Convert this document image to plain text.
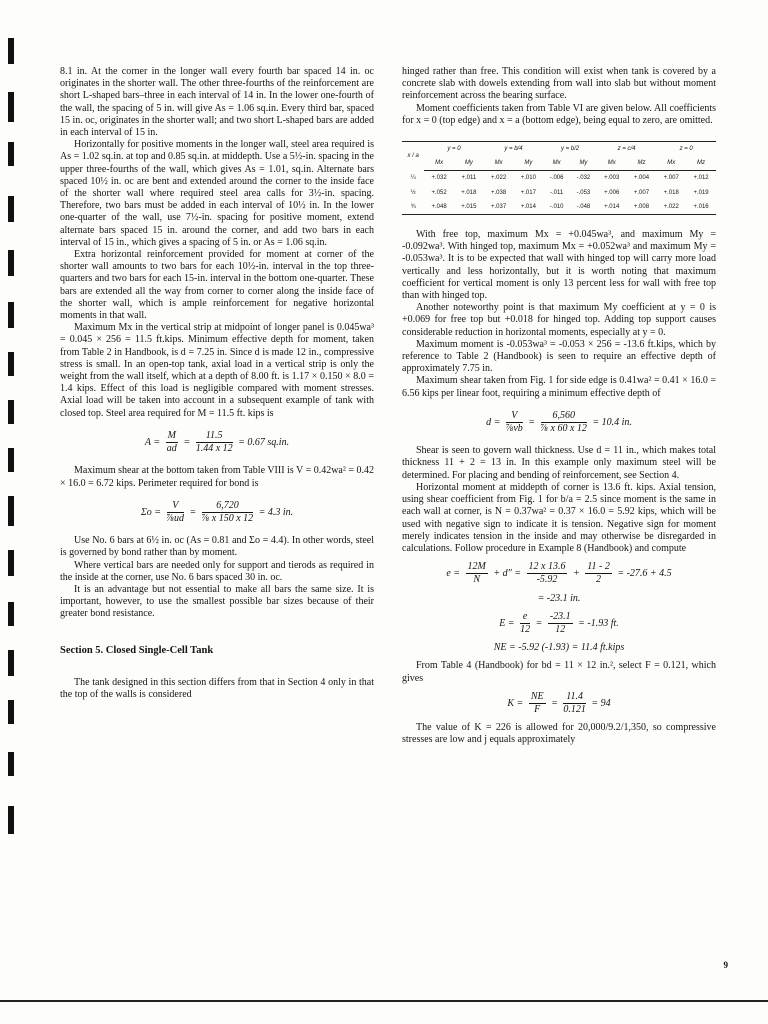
8.1 in. At the corner in the longer wall every fourth bar spaced 14 in. oc originates in the shorter wall. The other three-fourths of the reinforcement are short L-shaped bars–three in each interval of 14 in. In the lower one-fourth of the wall, the spacing of 5 in. will give As = 1.06 sq.in. Every third bar, spaced 15 in. oc, originates in the shorter wall; and two short L-shaped bars are added in each interval of 15 in.

Horizontally for positive moments in the longer wall, steel area required is As = 1.02 sq.in. at top and 0.85 sq.in. at middepth. Use a 5½-in. spacing in the upper three-fourths of the wall, which gives As = 1.01, sq.in. Alternate bars spaced 10½ in. oc are bent and extended around the corner to the inside face of the shorter wall where required steel area calls for 3½-in. spacing. Therefore, two bars must be added in each interval of 10½ in. In the lower one-quarter of the wall, use 7½-in. spacing for positive moment, extend alternate bars spaced 15 in. around the corner, and add two bars in each interval of 15 in., which gives a spacing of 5 in. or As = 1.06 sq.in.

Extra horizontal reinforcement provided for moment at corner of the shorter wall amounts to two bars for each 10½-in. interval in the top three-quarters and two bars for each 15-in. interval in the bottom one-quarter. These bars are extended all the way from corner to corner along the inside face of the shorter wall, which is ample reinforcement for negative horizontal moments in that wall.

Maximum Mx in the vertical strip at midpoint of longer panel is 0.045wa³ = 0.045 × 256 = 11.5 ft.kips. Minimum effective depth for moment, taken from Table 2 in Handbook, is d = 7.25 in. Since d is made 12 in., compressive stress is small. In an open-top tank, axial load in a vertical strip is only the weight from the wall itself, which at a depth of 8.00 ft. is 1.17 × 0.150 × 8.0 = 1.4 kips. Effect of this load is negligible compared with moment stresses. Axial load will be taken into account in a subsequent example of tank with closed top. Steel area required for M = 11.5 ft. kips is

$A = \frac{M}{ad} = \frac{11.5}{1.44 x 12} = 0.67$ sq.in.

Maximum shear at the bottom taken from Table VIII is V = 0.42wa² = 0.42 × 16.0 = 6.72 kips. Perimeter required for bond is

$\Sigma o = \frac{V}{\text{⅞ud}} = \frac{6,720}{\text{⅞ x 150 x 12}} = 4.3$ in.

Use No. 6 bars at 6½ in. oc (As = 0.81 and Σo = 4.4). In other words, steel is governed by bond rather than by moment.

Where vertical bars are needed only for support and tierods as required in the inside at the corner, use No. 6 bars spaced 30 in. oc.

It is an advantage but not essential to make all bars the same size. It is important, however, to use the smallest possible bar sizes because of their greater bond resistance.

Section 5. Closed Single-Cell Tank

The tank designed in this section differs from that in Section 4 only in that the top of the walls is considered

hinged rather than free. This condition will exist when tank is covered by a concrete slab with dowels extending from wall into slab but without moment reinforcement across the bearing surface.

Moment coefficients taken from Table VI are given below. All coefficients for x = 0 (top edge) and x = a (bottom edge), being equal to zero, are omitted.

x / a	y = 0		y = b/4		y = b/2		z = c/4		z = 0	
	Mx	My	Mx	My	Mx	My	Mx	Mz	Mx	Mz
¼	+.032	+.011	+.022	+.010	-.006	-.032	+.003	+.004	+.007	+.012
½	+.052	+.018	+.038	+.017	-.011	-.053	+.006	+.007	+.018	+.019
¾	+.048	+.015	+.037	+.014	-.010	-.048	+.014	+.008	+.022	+.016

With free top, maximum Mx = +0.045wa³, and maximum My = -0.092wa³. With hinged top, maximum Mx = +0.052wa³ and maximum My = -0.053wa³. It is to be expected that wall with hinged top will carry more load vertically and less horizontally, but it is worth noting that maximum coefficient for vertical moment is only 13 percent less for wall with free top than with hinged top.

Another noteworthy point is that maximum My coefficient at y = 0 is +0.069 for free top but +0.018 for hinged top. Adding top support causes considerable reduction in horizontal moments, especially at y = 0.

Maximum moment is -0.053wa³ = -0.053 × 256 = -13.6 ft.kips, which by reference to Table 2 (Handbook) is seen to require an effective depth of approximately 7.75 in.

Maximum shear taken from Fig. 1 for side edge is 0.41wa² = 0.41 × 16.0 = 6.56 kips per linear foot, requiring a minimum effective depth of

$d = \frac{V}{\text{⅞vb}} = \frac{6,560}{\text{⅞ x 60 x 12}} = 10.4$ in.

Shear is seen to govern wall thickness. Use d = 11 in., which makes total thickness 11 + 2 = 13 in. In this example only maximum steel will be determined. For placing and bending of reinforcement, see Section 4.

Horizontal moment at middepth of corner is 13.6 ft. kips. Axial tension, using shear coefficient from Fig. 1 for b/a = 2.5 since moment is the same in each wall at corner, is N = 0.37wa² = 0.37 × 16.0 = 5.92 kips, which will be used with negative sign to indicate it is tension. Negative sign for moment merely indicates tension in the inside and may otherwise be disregarded in calculations. Follow procedure in Example 8 (Handbook) and compute

$e = \frac{12M}{N} + d'' = \frac{12 x 13.6}{-5.92} + \frac{11 - 2}{2} = -27.6 + 4.5$
= -23.1 in.
$E = \frac{e}{12} = \frac{-23.1}{12} = -1.93$ ft.
NE = -5.92 (-1.93) = 11.4 ft.kips

From Table 4 (Handbook) for bd = 11 × 12 in.², select F = 0.121, which gives

$K = \frac{NE}{F} = \frac{11.4}{0.121} = 94$

The value of K = 226 is allowed for 20,000/9.2/1,350, so compressive stresses are low and j equals approximately

9
